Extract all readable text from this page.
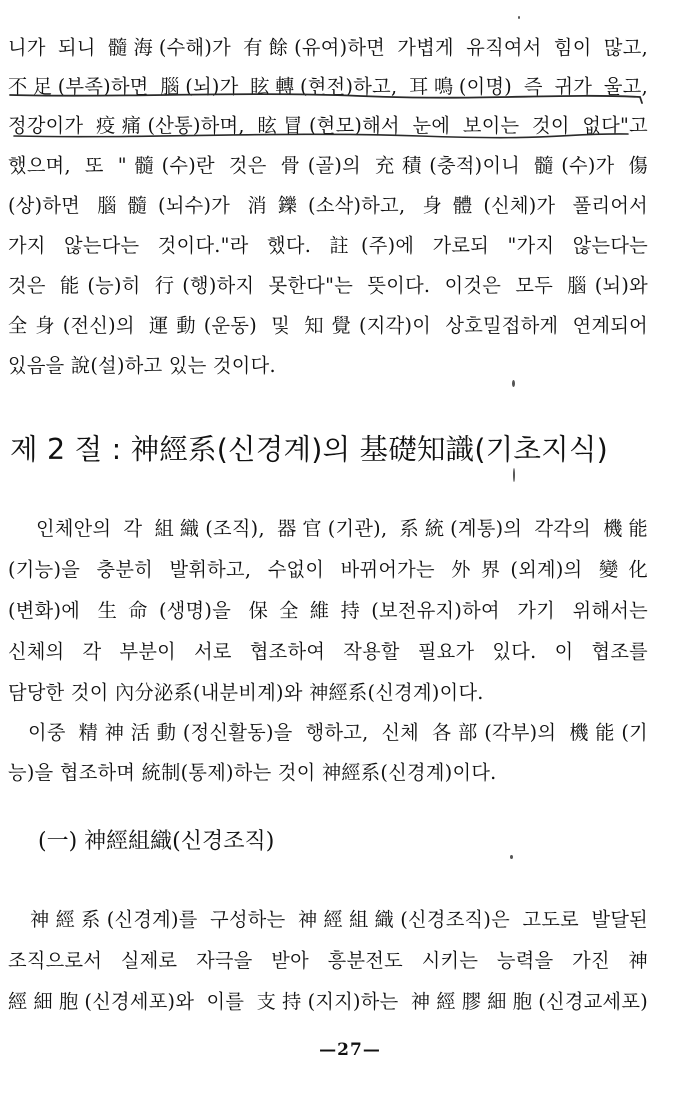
니가 되니 髓海(수해)가 有餘(유여)하면 가볍게 유직여서 힘이 많고,
不足(부족)하면 腦(뇌)가 眩轉(현전)하고, 耳鳴(이명) 즉 귀가 울고,
정강이가 疫痛(산통)하며, 眩冒(현모)해서 눈에 보이는 것이 없다"고
했으며, 또 "髓(수)란 것은 骨(골)의 充積(충적)이니 髓(수)가 傷
(상)하면 腦髓(뇌수)가 消鑠(소삭)하고, 身體(신체)가 풀리어서
가지 않는다는 것이다."라 했다. 註(주)에 가로되 "가지 않는다는
것은 能(능)히 行(행)하지 못한다"는 뜻이다. 이것은 모두 腦(뇌)와
全身(전신)의 運動(운동) 및 知覺(지각)이 상호밀접하게 연계되어
있음을 說(설)하고 있는 것이다.
제 2 절 : 神經系(신경계)의 基礎知識(기초지식)
인체안의 각 組織(조직), 器官(기관), 系統(계통)의 각각의 機能
(기능)을 충분히 발휘하고, 수없이 바뀌어가는 外界(외계)의 變化
(변화)에 生命(생명)을 保全維持(보전유지)하여 가기 위해서는
신체의 각 부분이 서로 협조하여 작용할 필요가 있다. 이 협조를
담당한 것이 內分泌系(내분비계)와 神經系(신경계)이다.
이중 精神活動(정신활동)을 행하고, 신체 各部(각부)의 機能(기
능)을 협조하며 統制(통제)하는 것이 神經系(신경계)이다.
(一) 神經組織(신경조직)
神經系(신경계)를 구성하는 神經組織(신경조직)은 고도로 발달된
조직으로서 실제로 자극을 받아 흥분전도 시키는 능력을 가진 神
經細胞(신경세포)와 이를 支持(지지)하는 神經膠細胞(신경교세포)
—27—
